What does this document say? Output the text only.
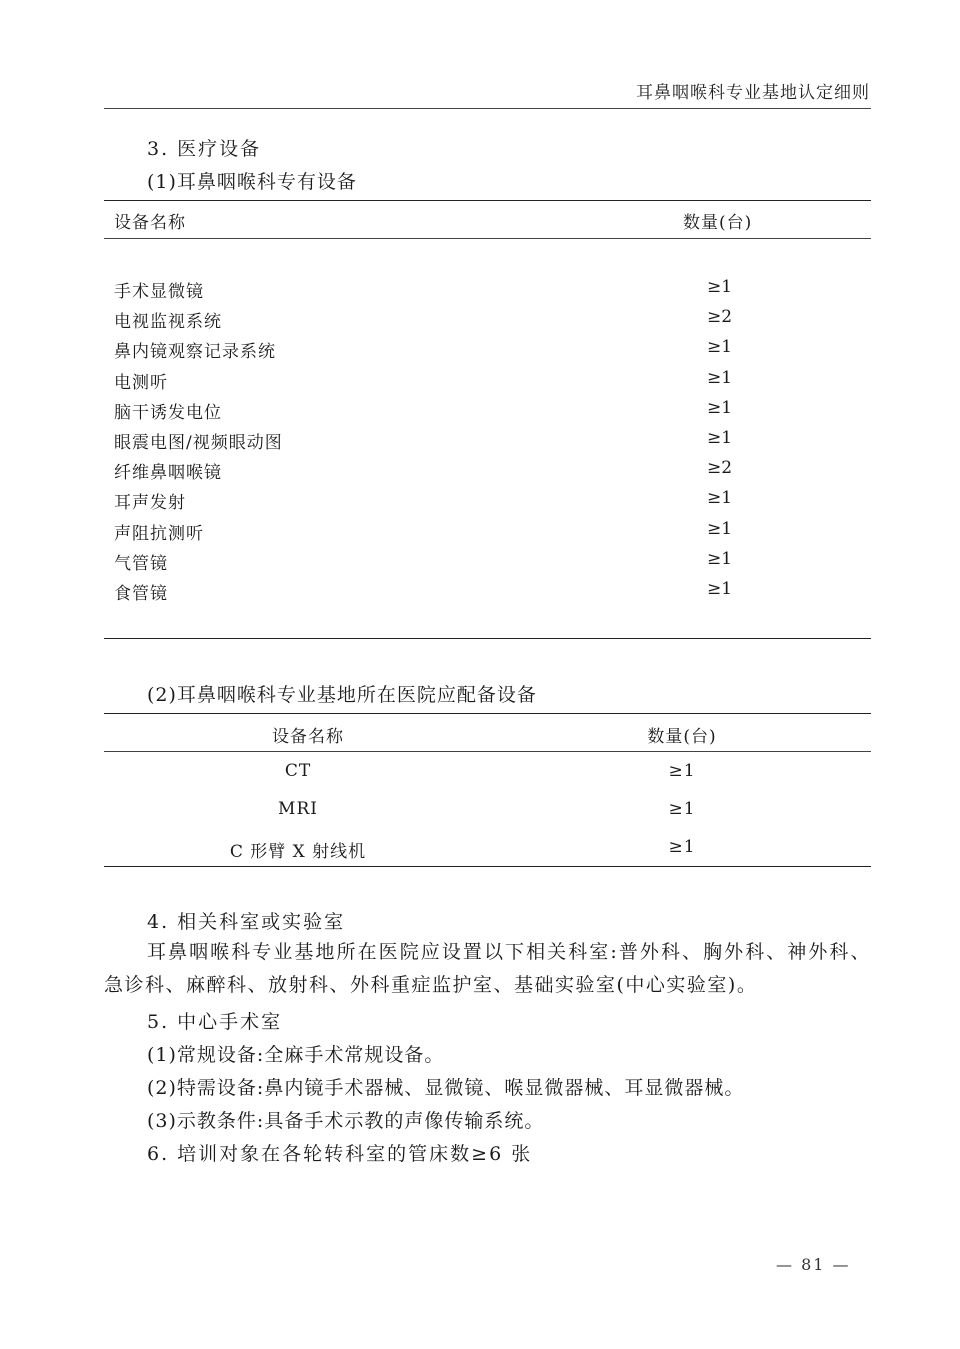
耳鼻咽喉科专业基地认定细则
3. 医疗设备
(1)耳鼻咽喉科专有设备
设备名称	数量(台)
手术显微镜	≥1
电视监视系统	≥2
鼻内镜观察记录系统	≥1
电测听	≥1
脑干诱发电位	≥1
眼震电图/视频眼动图	≥1
纤维鼻咽喉镜	≥2
耳声发射	≥1
声阻抗测听	≥1
气管镜	≥1
食管镜	≥1
(2)耳鼻咽喉科专业基地所在医院应配备设备
设备名称	数量(台)
CT	≥1
MRI	≥1
C 形臂 X 射线机	≥1
4. 相关科室或实验室
耳鼻咽喉科专业基地所在医院应设置以下相关科室:普外科、胸外科、神外科、急诊科、麻醉科、放射科、外科重症监护室、基础实验室(中心实验室)。
5. 中心手术室
(1)常规设备:全麻手术常规设备。
(2)特需设备:鼻内镜手术器械、显微镜、喉显微器械、耳显微器械。
(3)示教条件:具备手术示教的声像传输系统。
6. 培训对象在各轮转科室的管床数≥6 张
— 81 —
